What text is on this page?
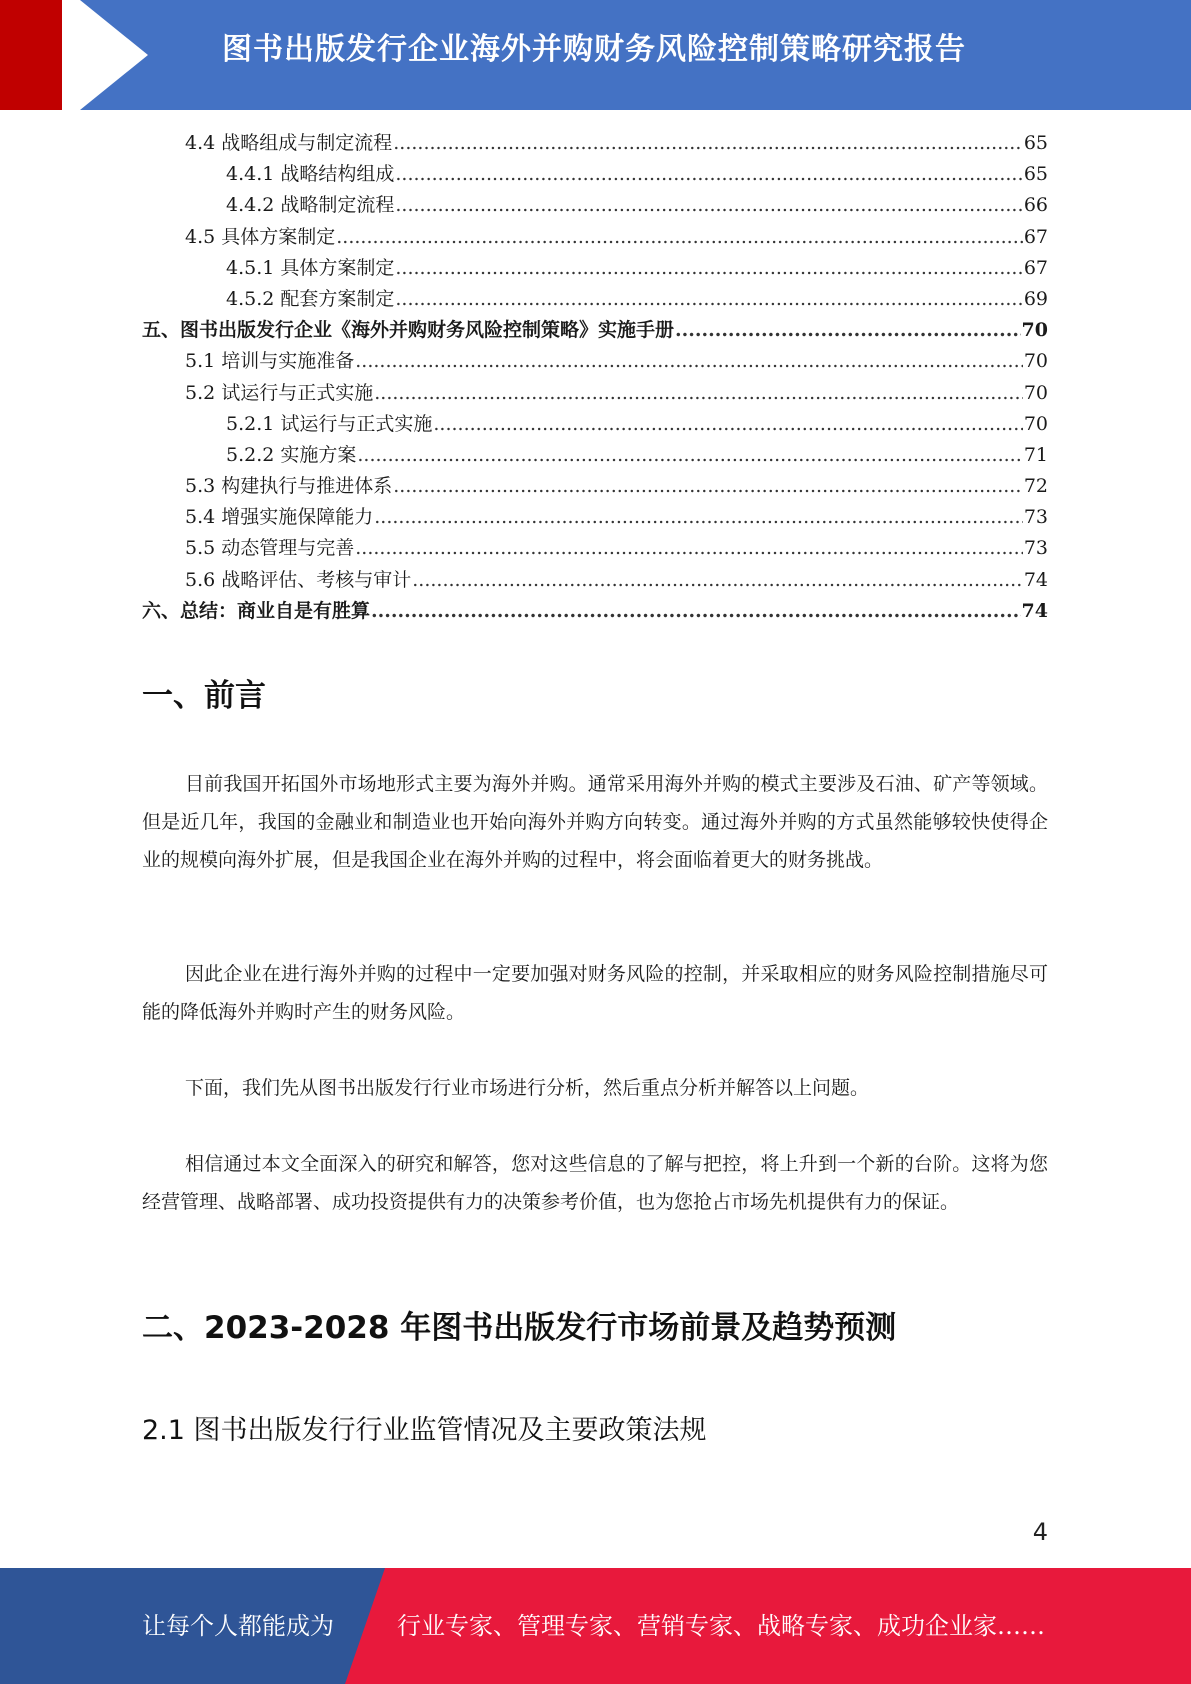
图书出版发行企业海外并购财务风险控制策略研究报告
4.4 战略组成与制定流程 .....	65
4.4.1 战略结构组成 .....	65
4.4.2 战略制定流程 .....	66
4.5 具体方案制定 .....	67
4.5.1 具体方案制定 .....	67
4.5.2 配套方案制定 .....	69
五、图书出版发行企业《海外并购财务风险控制策略》实施手册 .....	70
5.1 培训与实施准备 .....	70
5.2 试运行与正式实施 .....	70
5.2.1 试运行与正式实施 .....	70
5.2.2 实施方案 .....	71
5.3 构建执行与推进体系 .....	72
5.4 增强实施保障能力 .....	73
5.5 动态管理与完善 .....	73
5.6 战略评估、考核与审计 .....	74
六、总结：商业自是有胜算 .....	74
一、前言
目前我国开拓国外市场地形式主要为海外并购。通常采用海外并购的模式主要涉及石油、矿产等领域。但是近几年，我国的金融业和制造业也开始向海外并购方向转变。通过海外并购的方式虽然能够较快使得企业的规模向海外扩展，但是我国企业在海外并购的过程中，将会面临着更大的财务挑战。
因此企业在进行海外并购的过程中一定要加强对财务风险的控制，并采取相应的财务风险控制措施尽可能的降低海外并购时产生的财务风险。
下面，我们先从图书出版发行行业市场进行分析，然后重点分析并解答以上问题。
相信通过本文全面深入的研究和解答，您对这些信息的了解与把控，将上升到一个新的台阶。这将为您经营管理、战略部署、成功投资提供有力的决策参考价值，也为您抢占市场先机提供有力的保证。
二、2023-2028 年图书出版发行市场前景及趋势预测
2.1 图书出版发行行业监管情况及主要政策法规
4
让每个人都能成为	行业专家、管理专家、营销专家、战略专家、成功企业家……
